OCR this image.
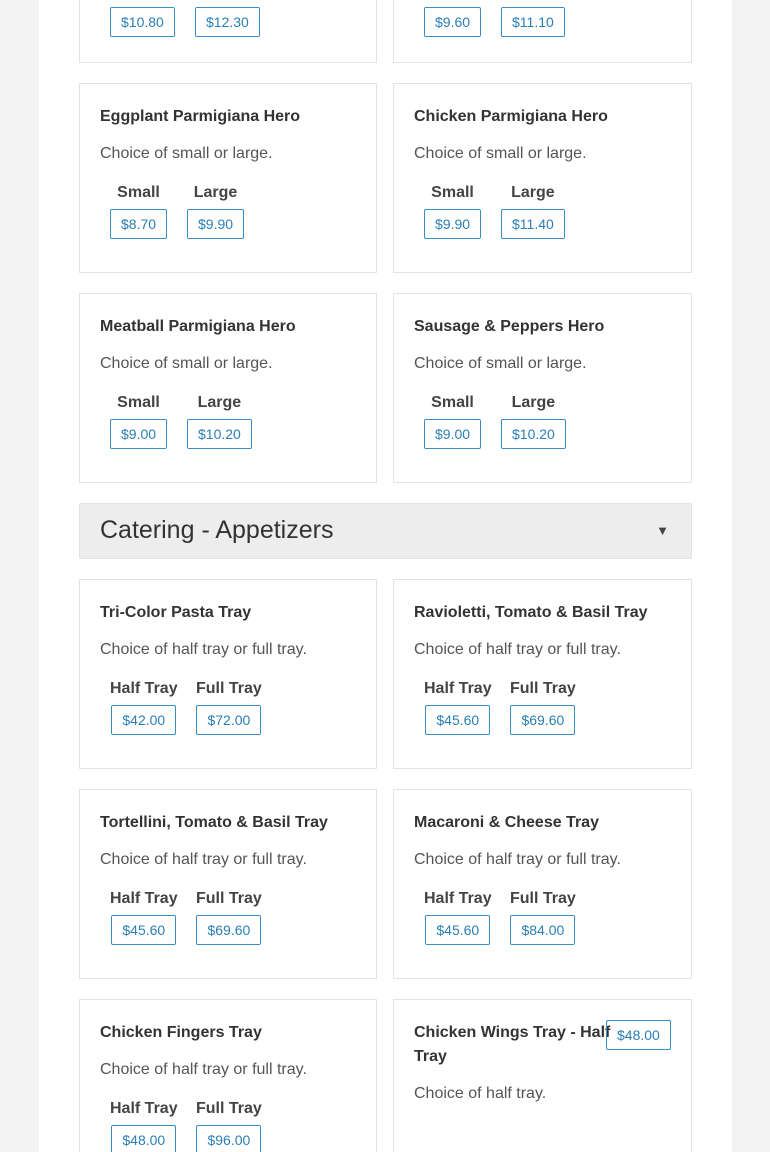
$10.80	$12.30	$9.60	$11.10
Eggplant Parmigiana Hero
Choice of small or large.
Small
$8.70
Large
$9.90
Chicken Parmigiana Hero
Choice of small or large.
Small
$9.90
Large
$11.40
Meatball Parmigiana Hero
Choice of small or large.
Small
$9.00
Large
$10.20
Sausage & Peppers Hero
Choice of small or large.
Small
$9.00
Large
$10.20
Catering - Appetizers	▼
Tri-Color Pasta Tray
Choice of half tray or full tray.
Half Tray
$42.00
Full Tray
$72.00
Ravioletti, Tomato & Basil Tray
Choice of half tray or full tray.
Half Tray
$45.60
Full Tray
$69.60
Tortellini, Tomato & Basil Tray
Choice of half tray or full tray.
Half Tray
$45.60
Full Tray
$69.60
Macaroni & Cheese Tray
Choice of half tray or full tray.
Half Tray
$45.60
Full Tray
$84.00
Chicken Fingers Tray
Choice of half tray or full tray.
Half Tray
$48.00
Full Tray
$96.00
Chicken Wings Tray - Half
Tray
Choice of half tray.
$48.00
